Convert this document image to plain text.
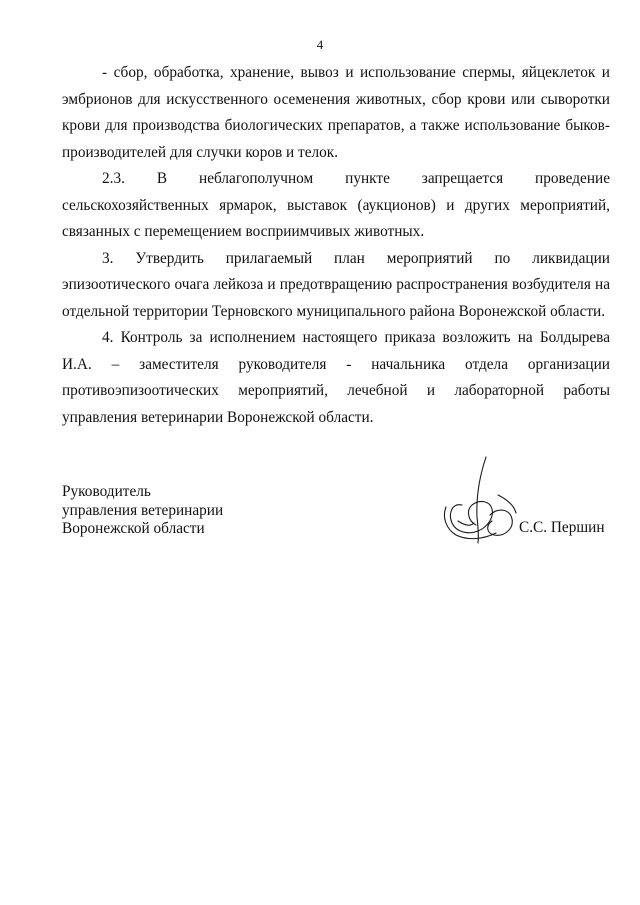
4

- сбор, обработка, хранение, вывоз и использование спермы, яйцеклеток и эмбрионов для искусственного осеменения животных, сбор крови или сыворотки крови для производства биологических препаратов, а также использование быков-производителей для случки коров и телок.

2.3. В неблагополучном пункте запрещается проведение сельскохозяйственных ярмарок, выставок (аукционов) и других мероприятий, связанных с перемещением восприимчивых животных.

3. Утвердить прилагаемый план мероприятий по ликвидации эпизоотического очага лейкоза и предотвращению распространения возбудителя на отдельной территории Терновского муниципального района Воронежской области.

4. Контроль за исполнением настоящего приказа возложить на Болдырева И.А. – заместителя руководителя - начальника отдела организации противоэпизоотических мероприятий, лечебной и лабораторной работы управления ветеринарии Воронежской области.

Руководитель
управления ветеринарии
Воронежской области	С.С. Першин
